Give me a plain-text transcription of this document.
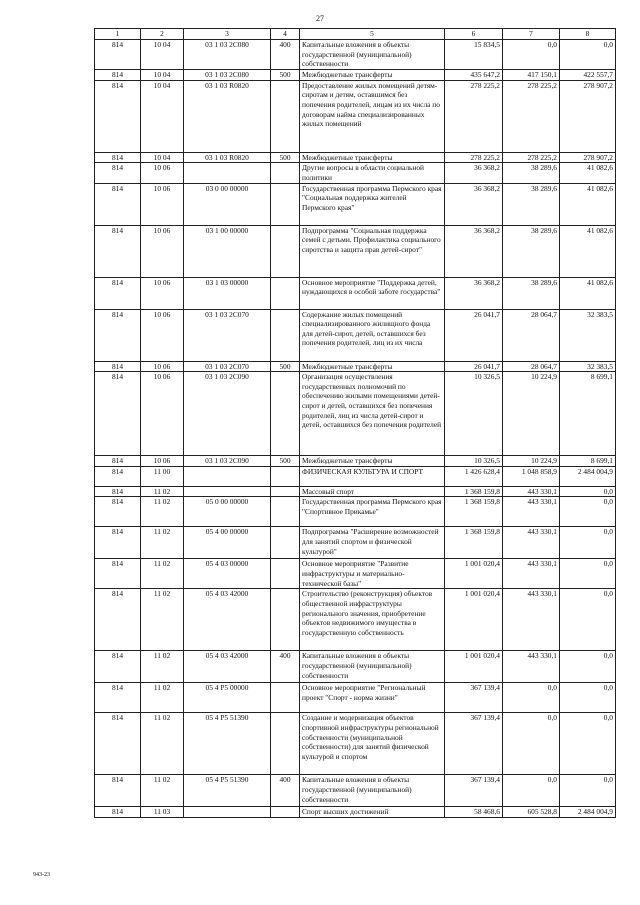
27
1	2	3	4	5	6	7	8
814	10 04	03 1 03 2С080	400	Капитальные вложения в объекты государственной (муниципальной) собственности	15 834,5	0,0	0,0
814	10 04	03 1 03 2С080	500	Межбюджетные трансферты	435 647,2	417 150,1	422 557,7
814	10 04	03 1 03 R0820		Предоставление жилых помещений детям-сиротам и детям, оставшимся без попечения родителей, лицам из их числа по договорам найма специализированных жилых помещений	278 225,2	278 225,2	278 907,2
814	10 04	03 1 03 R0820	500	Межбюджетные трансферты	278 225,2	278 225,2	278 907,2
814	10 06			Другие вопросы в области социальной политики	36 368,2	38 289,6	41 082,6
814	10 06	03 0 00 00000		Государственная программа Пермского края "Социальная поддержка жителей Пермского края"	36 368,2	38 289,6	41 082,6
814	10 06	03 1 00 00000		Подпрограмма "Социальная поддержка семей с детьми. Профилактика социального сиротства и защита прав детей-сирот"	36 368,2	38 289,6	41 082,6
814	10 06	03 1 03 00000		Основное мероприятие "Поддержка детей, нуждающихся в особой заботе государства"	36 368,2	38 289,6	41 082,6
814	10 06	03 1 03 2С070		Содержание жилых помещений специализированного жилищного фонда для детей-сирот, детей, оставшихся без попечения родителей, лиц из их числа	26 041,7	28 064,7	32 383,5
814	10 06	03 1 03 2С070	500	Межбюджетные трансферты	26 041,7	28 064,7	32 383,5
814	10 06	03 1 03 2С090		Организация осуществления государственных полномочий по обеспечению жилыми помещениями детей-сирот и детей, оставшихся без попечения родителей, лиц из числа детей-сирот и детей, оставшихся без попечения родителей	10 326,5	10 224,9	8 699,1
814	10 06	03 1 03 2С090	500	Межбюджетные трансферты	10 326,5	10 224,9	8 699,1
814	11 00			ФИЗИЧЕСКАЯ КУЛЬТУРА И СПОРТ	1 426 628,4	1 048 858,9	2 484 004,9
814	11 02			Массовый спорт	1 368 159,8	443 330,1	0,0
814	11 02	05 0 00 00000		Государственная программа Пермского края "Спортивное Прикамье"	1 368 159,8	443 330,1	0,0
814	11 02	05 4 00 00000		Подпрограмма "Расширение возможностей для занятий спортом и физической культурой"	1 368 159,8	443 330,1	0,0
814	11 02	05 4 03 00000		Основное мероприятие "Развитие инфраструктуры и материально-технической базы"	1 001 020,4	443 330,1	0,0
814	11 02	05 4 03 42000		Строительство (реконструкция) объектов общественной инфраструктуры регионального значения, приобретение объектов недвижимого имущества в государственную собственность	1 001 020,4	443 330,1	0,0
814	11 02	05 4 03 42000	400	Капитальные вложения в объекты государственной (муниципальной) собственности	1 001 020,4	443 330,1	0,0
814	11 02	05 4 P5 00000		Основное мероприятие "Региональный проект "Спорт - норма жизни"	367 139,4	0,0	0,0
814	11 02	05 4 P5 51390		Создание и модернизация объектов спортивной инфраструктуры региональной собственности (муниципальной собственности) для занятий физической культурой и спортом	367 139,4	0,0	0,0
814	11 02	05 4 P5 51390	400	Капитальные вложения в объекты государственной (муниципальной) собственности	367 139,4	0,0	0,0
814	11 03			Спорт высших достижений	58 468,6	605 528,8	2 484 004,9
943-23
